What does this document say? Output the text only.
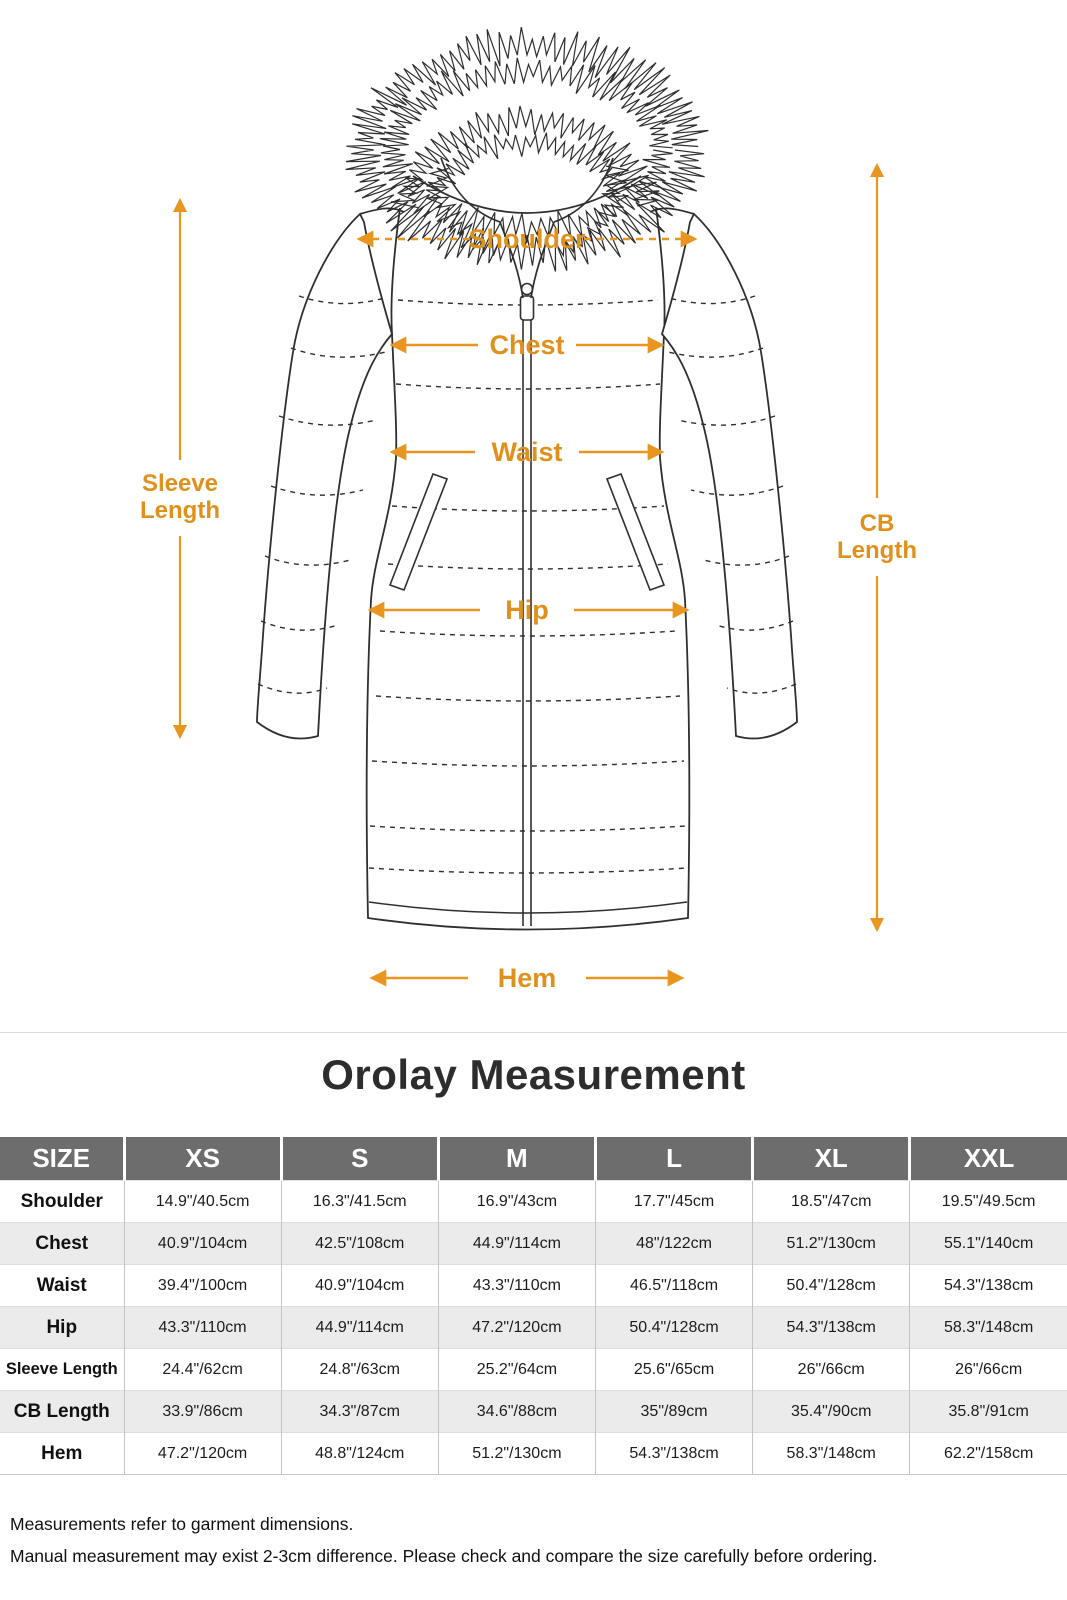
Shoulder
Chest
Waist
Hip
Hem
Sleeve
Length	CB
Length
Orolay Measurement
SIZE	XS	S	M	L	XL	XXL
Shoulder	14.9"/40.5cm	16.3"/41.5cm	16.9"/43cm	17.7"/45cm	18.5"/47cm	19.5"/49.5cm
Chest	40.9"/104cm	42.5"/108cm	44.9"/114cm	48"/122cm	51.2"/130cm	55.1"/140cm
Waist	39.4"/100cm	40.9"/104cm	43.3"/110cm	46.5"/118cm	50.4"/128cm	54.3"/138cm
Hip	43.3"/110cm	44.9"/114cm	47.2"/120cm	50.4"/128cm	54.3"/138cm	58.3"/148cm
Sleeve Length	24.4"/62cm	24.8"/63cm	25.2"/64cm	25.6"/65cm	26"/66cm	26"/66cm
CB Length	33.9"/86cm	34.3"/87cm	34.6"/88cm	35"/89cm	35.4"/90cm	35.8"/91cm
Hem	47.2"/120cm	48.8"/124cm	51.2"/130cm	54.3"/138cm	58.3"/148cm	62.2"/158cm

Measurements refer to garment dimensions.

Manual measurement may exist 2-3cm difference. Please check and compare the size carefully before ordering.
